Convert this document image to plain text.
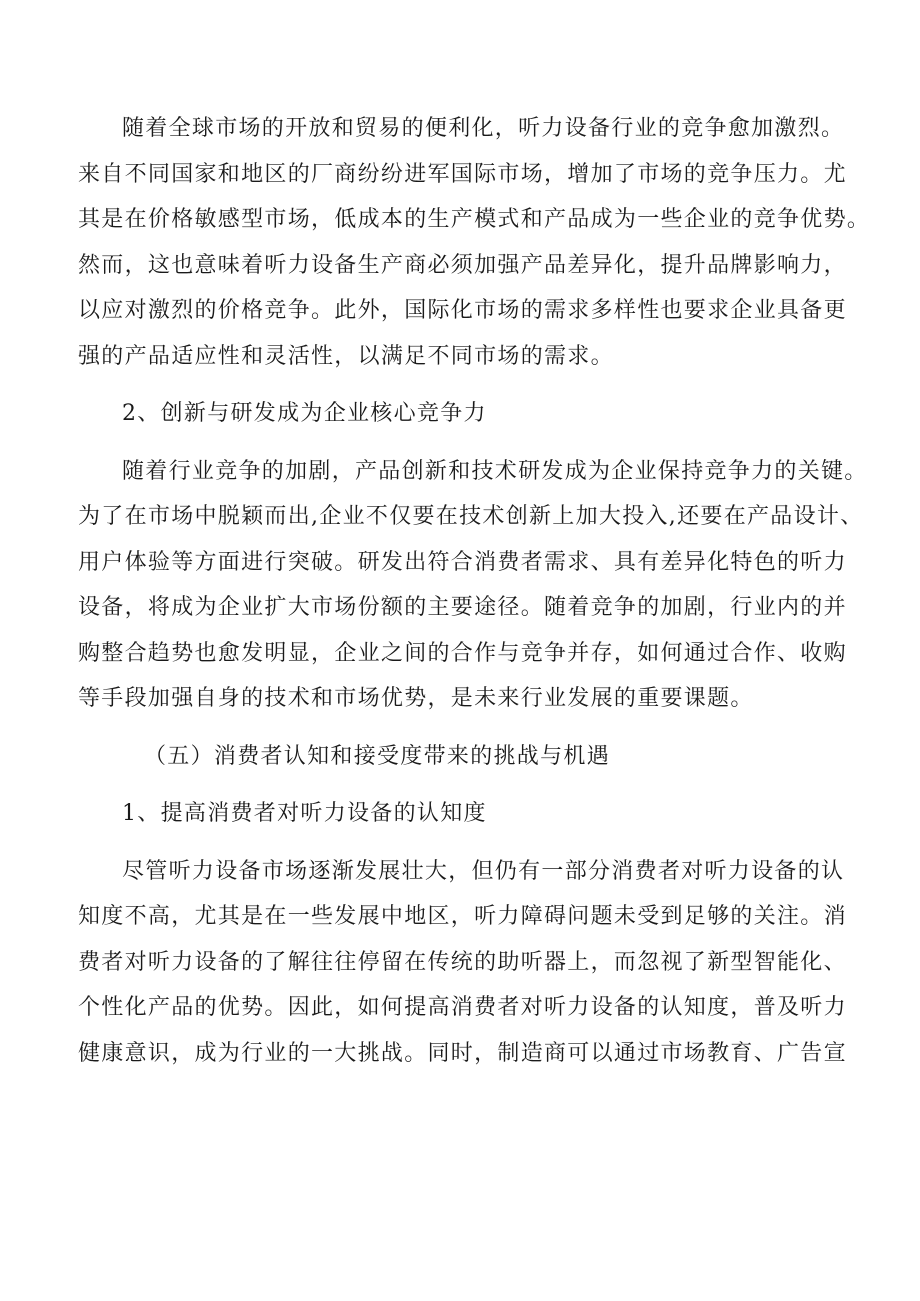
随着全球市场的开放和贸易的便利化，听力设备行业的竞争愈加激烈。
来自不同国家和地区的厂商纷纷进军国际市场，增加了市场的竞争压力。尤
其是在价格敏感型市场，低成本的生产模式和产品成为一些企业的竞争优势。
然而，这也意味着听力设备生产商必须加强产品差异化，提升品牌影响力，
以应对激烈的价格竞争。此外，国际化市场的需求多样性也要求企业具备更
强的产品适应性和灵活性，以满足不同市场的需求。
2、创新与研发成为企业核心竞争力
随着行业竞争的加剧，产品创新和技术研发成为企业保持竞争力的关键。
为了在市场中脱颖而出,企业不仅要在技术创新上加大投入,还要在产品设计、
用户体验等方面进行突破。研发出符合消费者需求、具有差异化特色的听力
设备，将成为企业扩大市场份额的主要途径。随着竞争的加剧，行业内的并
购整合趋势也愈发明显，企业之间的合作与竞争并存，如何通过合作、收购
等手段加强自身的技术和市场优势，是未来行业发展的重要课题。
（五）消费者认知和接受度带来的挑战与机遇
1、提高消费者对听力设备的认知度
尽管听力设备市场逐渐发展壮大，但仍有一部分消费者对听力设备的认
知度不高，尤其是在一些发展中地区，听力障碍问题未受到足够的关注。消
费者对听力设备的了解往往停留在传统的助听器上，而忽视了新型智能化、
个性化产品的优势。因此，如何提高消费者对听力设备的认知度，普及听力
健康意识，成为行业的一大挑战。同时，制造商可以通过市场教育、广告宣
